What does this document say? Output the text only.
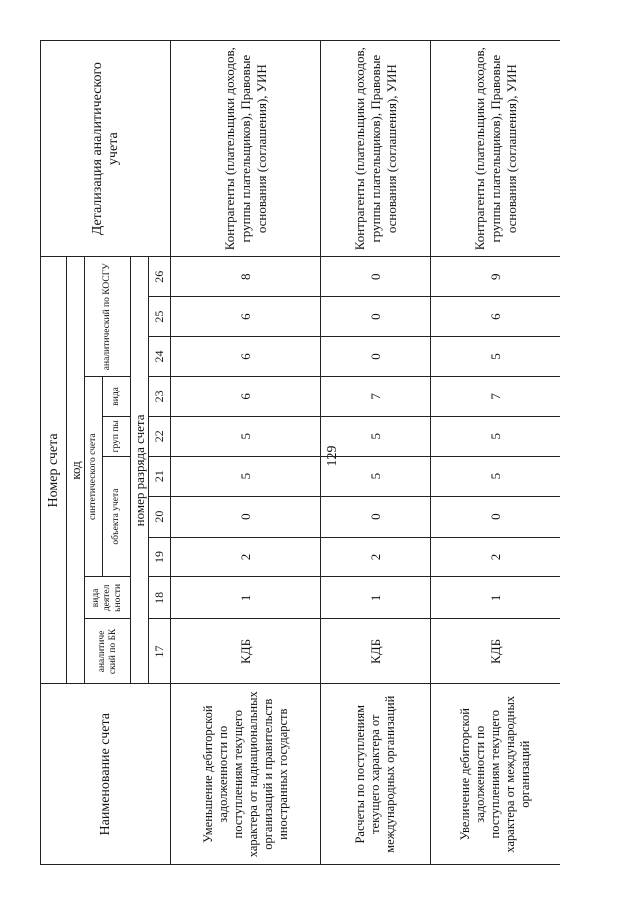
129
Наименование счета	Номер счета										Детализация аналитического учета
	код										
	аналитиче ский по БК	вида деятел ьности	синтетического счета					аналитический по КОСГУ			
			объекта учета			груп пы	вида				
	номер разряда счета										
	17	18	19	20	21	22	23	24	25	26	
Уменьшение дебиторской задолженности по поступлениям текущего характера от наднациональных организаций и правительств иностранных государств	КДБ	1	2	0	5	5	6	6	6	8	Контрагенты (плательщики доходов, группы плательщиков), Правовые основания (соглашения), УИН
Расчеты по поступлениям текущего характера от международных организаций	КДБ	1	2	0	5	5	7	0	0	0	Контрагенты (плательщики доходов, группы плательщиков), Правовые основания (соглашения), УИН
Увеличение дебиторской задолженности по поступлениям текущего характера от международных организаций	КДБ	1	2	0	5	5	7	5	6	9	Контрагенты (плательщики доходов, группы плательщиков), Правовые основания (соглашения), УИН
